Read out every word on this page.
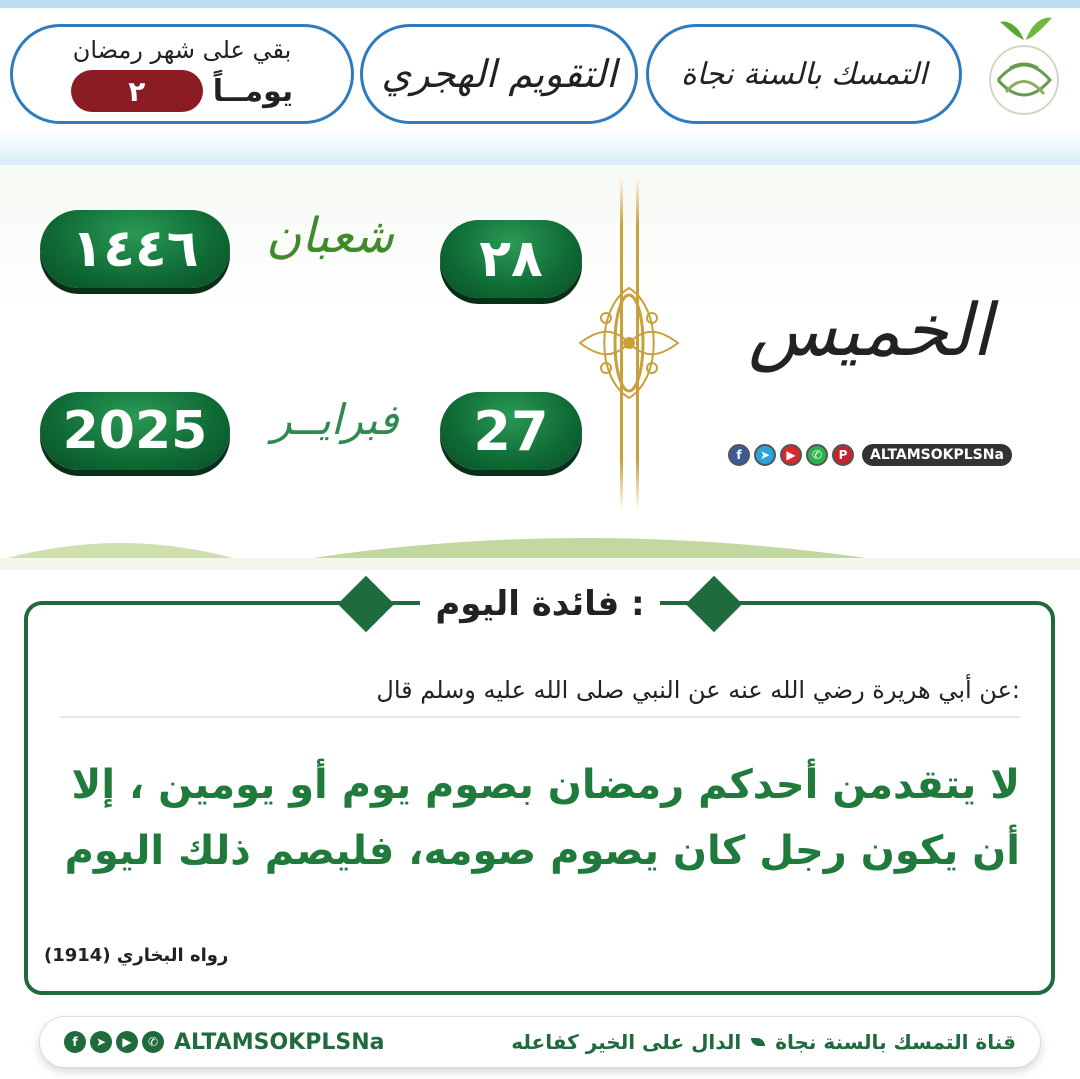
التمسك بالسنة نجاة
التقويم الهجري
بقي على شهر رمضان
٢	يومــاً
١٤٤٦	شعبان	٢٨
2025	فبرايــر	27
الخميس
f	➤	▶	✆	P	ALTAMSOKPLSNa
فائدة اليوم :
عن أبي هريرة رضي الله عنه عن النبي صلى الله عليه وسلم قال:
لا يتقدمن أحدكم رمضان بصوم يوم أو يومين ، إلا أن يكون رجل كان يصوم صومه، فليصم ذلك اليوم
رواه البخاري (1914)
f	➤	▶	✆ ALTAMSOKPLSNa	قناة التمسك بالسنة نجاة
الدال على الخير كفاعله
